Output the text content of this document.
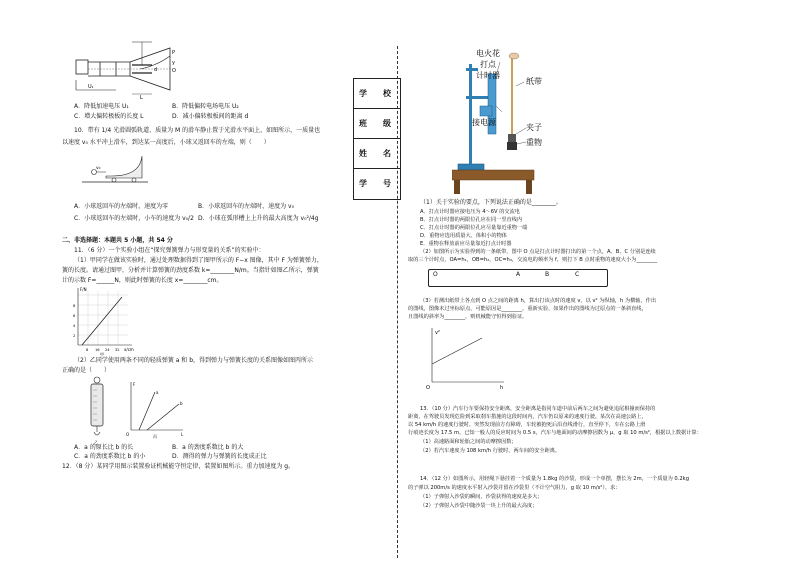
U₁
d
L
y
P
O
A．降低加速电压 U₁	B．降低偏转电场电压 U₂
C．增大偏转极板的长度 L	D．减小偏转极板间的距离 d
10．带有 1/4 光滑圆弧轨道、质量为 M 的滑车静止置于光滑水平面上，如图所示，一质量也
以速度 v₀ 水平冲上滑车，到达某一高度后，小球又返回车的左端，则（　　）
v₀
A．小球返回车的左端时，速度为零	B．小球返回车的左端时，速度为 v₀
C．小球返回车的左端时，小车的速度为 v₀/2 D．小球在弧形槽上上升的最大高度为 v₀²/4g
二、非选择题：本题共 5 小题，共 54 分
11．（6 分）一个实验小组在“探究弹簧弹力与形变量的关系”的实验中：
（1）甲同学在做该实验时，通过处理数据得到了图甲所示的 F−x 图像，其中 F 为弹簧弹力，
簧的长度。请通过图甲，分析并计算弹簧的劲度系数 k=________N/m。当指针如图乙所示，弹簧
计的示数 F=______N，则此时弹簧的长度 x=________cm。
F/N
x/cm
8 16 24 32
2
4
6
8
甲
（2）乙同学使用两条不同的轻质弹簧 a 和 b，得到弹力与弹簧长度的关系图像如图丙所示
正确的是（　　）
乙
a
b
F
L
O	丙
A．a 的原长比 b 的长	B．a 的劲度系数比 b 的大
C．a 的劲度系数比 b 的小	D．测得的弹力与弹簧的长度成正比
12．（8 分）某同学用图示装置验证机械能守恒定律，装置如图所示。重力加速度为 g。
学　校
班　级
姓　名
学　号
电火花
打点
计时器
纸带
接电源
夹子
重物
（1）关于实验的要点，下列说法正确的是________。
A．打点计时器应接电压为 4～6V 的交流电
B．打点计时器的两限位孔应在同一竖直线内
C．打点计时器的两限位孔应尽量靠近重物一端
D．重物应选用质量大、体积小的物体
E．重物在释放前应尽量靠近打点计时器
（2）如图所示为实验得到的一条纸带，图中 O 点是打点计时器打出的第一个点，A、B、C 分别是连续
取的三个计时点，OA=h₁，OB=h₂，OC=h₃，交流电的频率为 f，则打下 B 点时重物的速度大小为________
O	A	B	C
（3）若测出纸带上各点到 O 点之间的距离 h，算出打该点时的速度 v，以 v² 为纵轴，h 为横轴，作出
的图线，图像未过坐标原点，可能原因是________。重新实验，如果作出的图线为过原点的一条斜直线，
且图线的斜率为________，则机械能守恒得到验证。
v²
h
O
13．（10 分）汽车行车要保持安全距离，安全距离是指同车道中前后两车之间为避免追尾相撞而保持的
距离，在驾驶员发现危险到采取刹车措施的这段时间内，汽车仍以原来的速度行驶。某次在高速公路上，
以 54 km/h 的速度行驶时，突然发现前方有障碍，车轮被抱死后沿直线滑行，直至停下，车在公路上滑
行痕迹长度为 17.5 m。已知一般人的反应时间为 0.5 s，汽车与地面间的动摩擦因数为 μ，g 取 10 m/s²，根据以上数据计算：
（1）高速路面和轮胎之间的动摩擦因数；
（2）若汽车速度为 108 km/h 行驶时，两车间的安全距离。
14．（12 分）如图所示，用轻绳下悬挂着一个质量为 1.8kg 的沙袋，形成一个单摆，摆长为 2m，一个质量为 0.2kg
的子弹以 200m/s 的速度水平射入沙袋并留在沙袋里（不计空气阻力，g 取 10 m/s²），求：
（1）子弹射入沙袋的瞬间，沙袋获得的速度是多大；
（2）子弹射入沙袋中随沙袋一块上升的最大高度；
